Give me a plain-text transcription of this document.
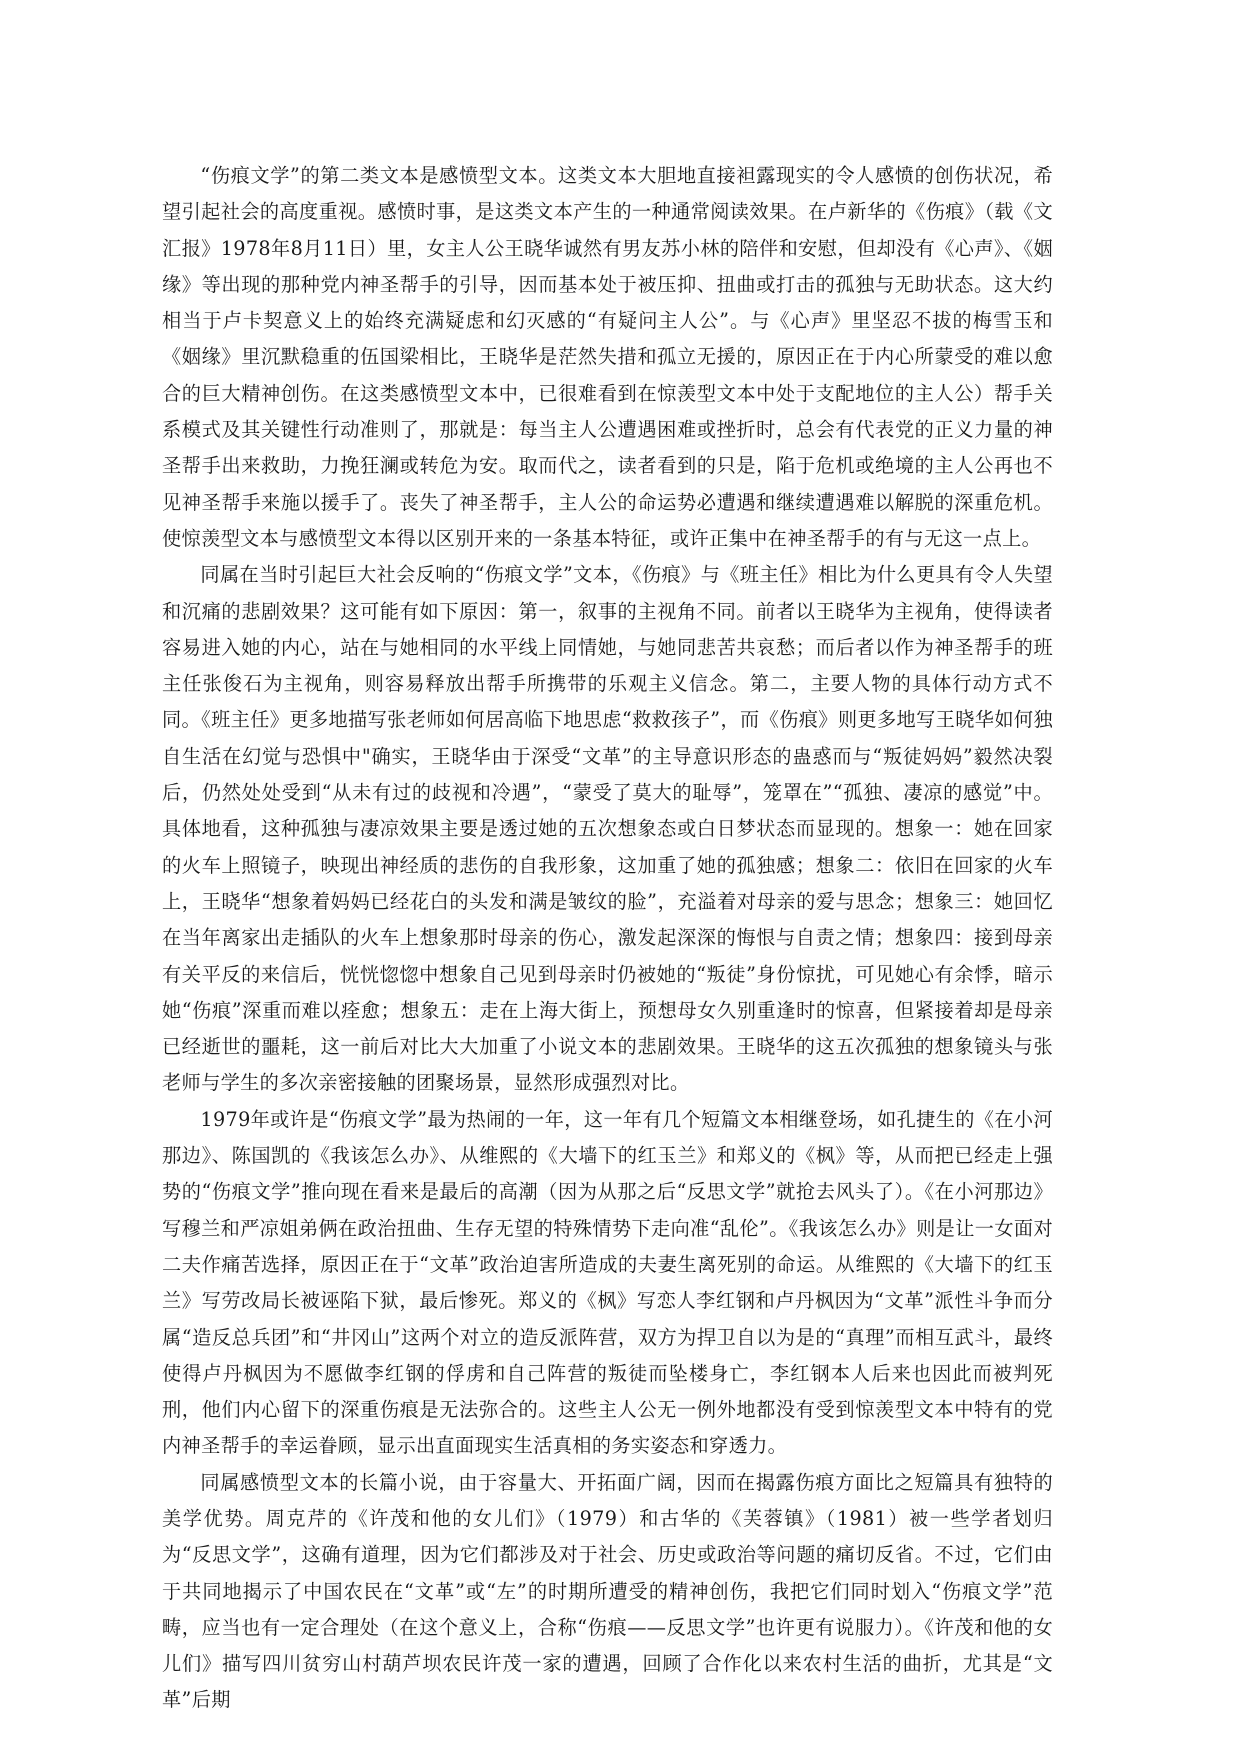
“伤痕文学”的第二类文本是感愤型文本。这类文本大胆地直接袒露现实的令人感愤的创伤状况，希望引起社会的高度重视。感愤时事，是这类文本产生的一种通常阅读效果。在卢新华的《伤痕》（载《文汇报》1978年8月11日）里，女主人公王晓华诚然有男友苏小林的陪伴和安慰，但却没有《心声》、《姻缘》等出现的那种党内神圣帮手的引导，因而基本处于被压抑、扭曲或打击的孤独与无助状态。这大约相当于卢卡契意义上的始终充满疑虑和幻灭感的“有疑问主人公”。与《心声》里坚忍不拔的梅雪玉和《姻缘》里沉默稳重的伍国梁相比，王晓华是茫然失措和孤立无援的，原因正在于内心所蒙受的难以愈合的巨大精神创伤。在这类感愤型文本中，已很难看到在惊羡型文本中处于支配地位的主人公）帮手关系模式及其关键性行动准则了，那就是：每当主人公遭遇困难或挫折时，总会有代表党的正义力量的神圣帮手出来救助，力挽狂澜或转危为安。取而代之，读者看到的只是，陷于危机或绝境的主人公再也不见神圣帮手来施以援手了。丧失了神圣帮手，主人公的命运势必遭遇和继续遭遇难以解脱的深重危机。使惊羡型文本与感愤型文本得以区别开来的一条基本特征，或许正集中在神圣帮手的有与无这一点上。

同属在当时引起巨大社会反响的“伤痕文学”文本，《伤痕》与《班主任》相比为什么更具有令人失望和沉痛的悲剧效果？这可能有如下原因：第一，叙事的主视角不同。前者以王晓华为主视角，使得读者容易进入她的内心，站在与她相同的水平线上同情她，与她同悲苦共哀愁；而后者以作为神圣帮手的班主任张俊石为主视角，则容易释放出帮手所携带的乐观主义信念。第二，主要人物的具体行动方式不同。《班主任》更多地描写张老师如何居高临下地思虑“救救孩子”，而《伤痕》则更多地写王晓华如何独自生活在幻觉与恐惧中"确实，王晓华由于深受“文革”的主导意识形态的蛊惑而与“叛徒妈妈”毅然决裂后，仍然处处受到“从未有过的歧视和冷遇”，“蒙受了莫大的耻辱”，笼罩在”“孤独、凄凉的感觉”中。具体地看，这种孤独与凄凉效果主要是透过她的五次想象态或白日梦状态而显现的。想象一：她在回家的火车上照镜子，映现出神经质的悲伤的自我形象，这加重了她的孤独感；想象二：依旧在回家的火车上，王晓华“想象着妈妈已经花白的头发和满是皱纹的脸”，充溢着对母亲的爱与思念；想象三：她回忆在当年离家出走插队的火车上想象那时母亲的伤心，激发起深深的悔恨与自责之情；想象四：接到母亲有关平反的来信后，恍恍惚惚中想象自己见到母亲时仍被她的“叛徒”身份惊扰，可见她心有余悸，暗示她“伤痕”深重而难以痊愈；想象五：走在上海大街上，预想母女久别重逢时的惊喜，但紧接着却是母亲已经逝世的噩耗，这一前后对比大大加重了小说文本的悲剧效果。王晓华的这五次孤独的想象镜头与张老师与学生的多次亲密接触的团聚场景，显然形成强烈对比。

1979年或许是“伤痕文学”最为热闹的一年，这一年有几个短篇文本相继登场，如孔捷生的《在小河那边》、陈国凯的《我该怎么办》、从维熙的《大墙下的红玉兰》和郑义的《枫》等，从而把已经走上强势的“伤痕文学”推向现在看来是最后的高潮（因为从那之后“反思文学”就抢去风头了）。《在小河那边》写穆兰和严凉姐弟俩在政治扭曲、生存无望的特殊情势下走向准“乱伦”。《我该怎么办》则是让一女面对二夫作痛苦选择，原因正在于“文革”政治迫害所造成的夫妻生离死别的命运。从维熙的《大墙下的红玉兰》写劳改局长被诬陷下狱，最后惨死。郑义的《枫》写恋人李红钢和卢丹枫因为“文革”派性斗争而分属“造反总兵团”和“井冈山”这两个对立的造反派阵营，双方为捍卫自以为是的“真理”而相互武斗，最终使得卢丹枫因为不愿做李红钢的俘虏和自己阵营的叛徒而坠楼身亡，李红钢本人后来也因此而被判死刑，他们内心留下的深重伤痕是无法弥合的。这些主人公无一例外地都没有受到惊羡型文本中特有的党内神圣帮手的幸运眷顾，显示出直面现实生活真相的务实姿态和穿透力。

同属感愤型文本的长篇小说，由于容量大、开拓面广阔，因而在揭露伤痕方面比之短篇具有独特的美学优势。周克芹的《许茂和他的女儿们》（1979）和古华的《芙蓉镇》（1981）被一些学者划归为“反思文学”，这确有道理，因为它们都涉及对于社会、历史或政治等问题的痛切反省。不过，它们由于共同地揭示了中国农民在“文革”或“左”的时期所遭受的精神创伤，我把它们同时划入“伤痕文学”范畴，应当也有一定合理处（在这个意义上，合称“伤痕——反思文学”也许更有说服力）。《许茂和他的女儿们》描写四川贫穷山村葫芦坝农民许茂一家的遭遇，回顾了合作化以来农村生活的曲折，尤其是“文革”后期
